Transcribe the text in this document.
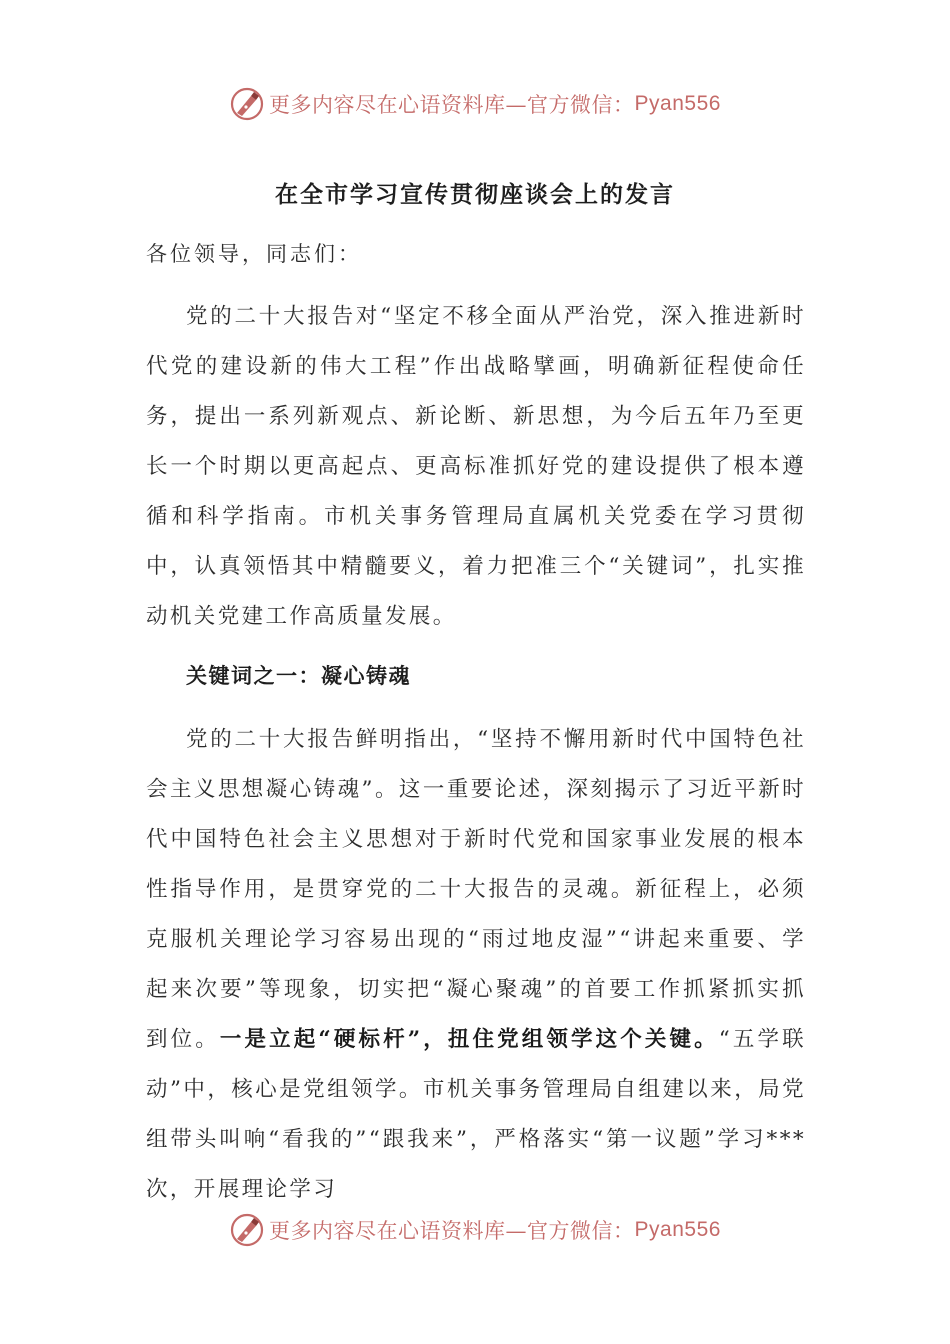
更多内容尽在心语资料库—官方微信： Pyan556
在全市学习宣传贯彻座谈会上的发言
各位领导，同志们：

党的二十大报告对“坚定不移全面从严治党，深入推进新时代党的建设新的伟大工程”作出战略擘画，明确新征程使命任务，提出一系列新观点、新论断、新思想，为今后五年乃至更长一个时期以更高起点、更高标准抓好党的建设提供了根本遵循和科学指南。市机关事务管理局直属机关党委在学习贯彻中，认真领悟其中精髓要义，着力把准三个“关键词”，扎实推动机关党建工作高质量发展。

关键词之一：凝心铸魂

党的二十大报告鲜明指出，“坚持不懈用新时代中国特色社会主义思想凝心铸魂”。这一重要论述，深刻揭示了习近平新时代中国特色社会主义思想对于新时代党和国家事业发展的根本性指导作用，是贯穿党的二十大报告的灵魂。新征程上，必须克服机关理论学习容易出现的“雨过地皮湿”“讲起来重要、学起来次要”等现象，切实把“凝心聚魂”的首要工作抓紧抓实抓到位。一是立起“硬标杆”，扭住党组领学这个关键。“五学联动”中，核心是党组领学。市机关事务管理局自组建以来，局党组带头叫响“看我的”“跟我来”，严格落实“第一议题”学习***次，开展理论学习

更多内容尽在心语资料库—官方微信： Pyan556
